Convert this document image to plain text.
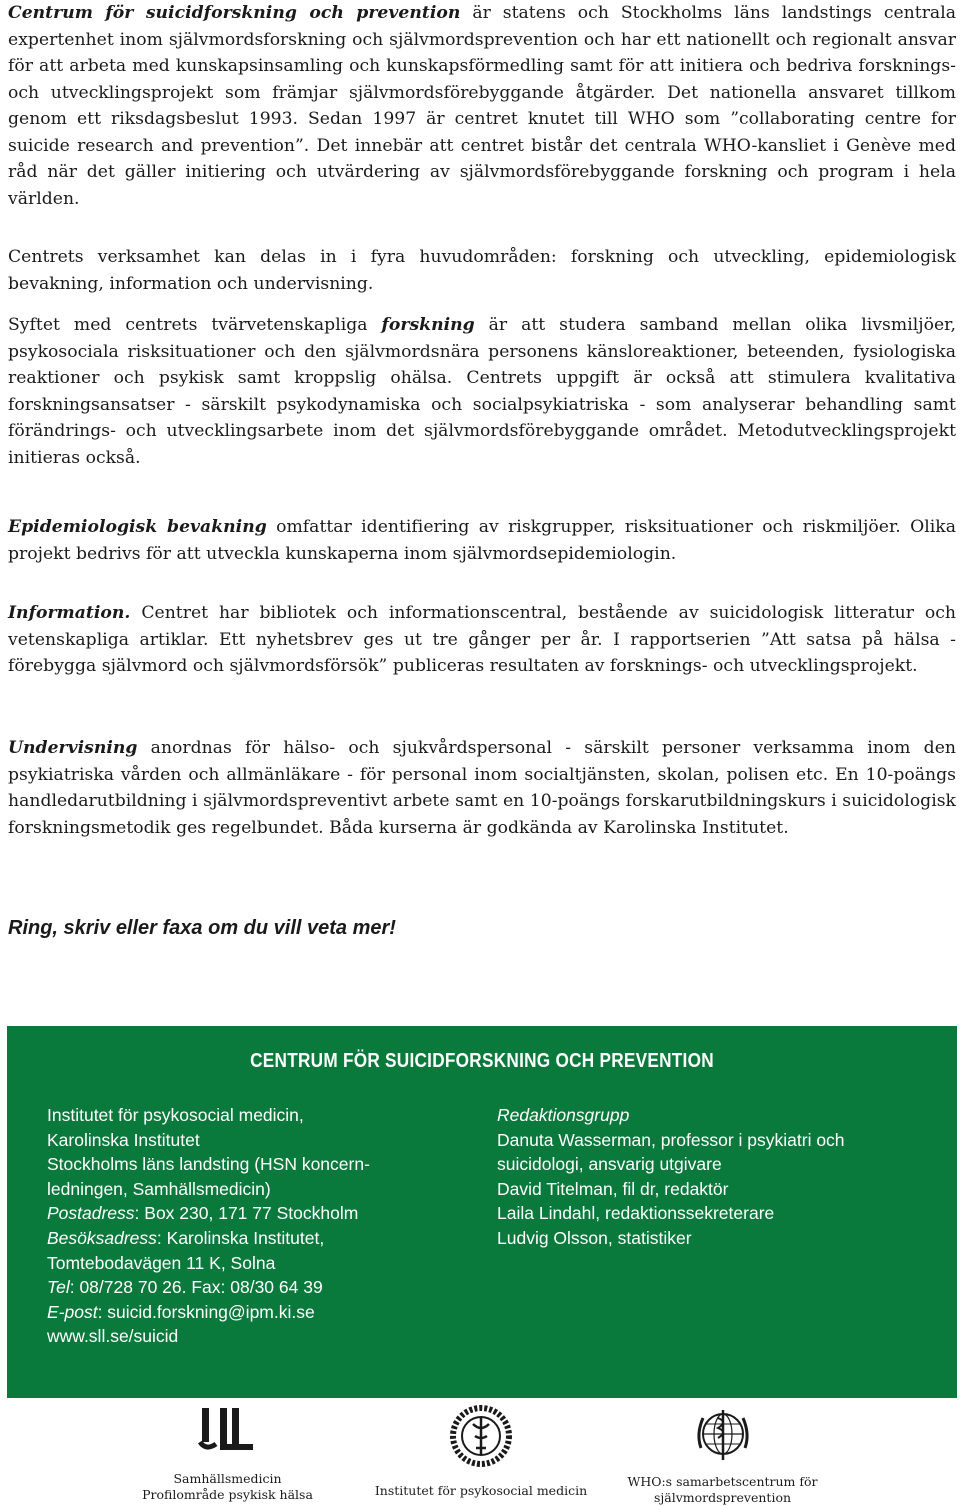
Centrum för suicidforskning och prevention är statens och Stockholms läns landstings centrala expertenhet inom självmordsforskning och självmordsprevention och har ett nationellt och regionalt ansvar för att arbeta med kunskapsinsamling och kunskapsförmedling samt för att initiera och bedriva forsknings- och utvecklingsprojekt som främjar självmordsförebyggande åtgärder. Det nationella ansvaret tillkom genom ett riksdagsbeslut 1993. Sedan 1997 är centret knutet till WHO som ”collaborating centre for suicide research and prevention”. Det innebär att centret bistår det centrala WHO-kansliet i Genève med råd när det gäller initiering och utvärdering av självmordsförebyggande forskning och program i hela världen.

Centrets verksamhet kan delas in i fyra huvudområden: forskning och utveckling, epidemiologisk bevakning, information och undervisning.

Syftet med centrets tvärvetenskapliga forskning är att studera samband mellan olika livsmiljöer, psykosociala risksituationer och den självmordsnära personens känsloreaktioner, beteenden, fysiologiska reaktioner och psykisk samt kroppslig ohälsa. Centrets uppgift är också att stimulera kvalitativa forskningsansatser - särskilt psykodynamiska och socialpsykiatriska - som analyserar behandling samt förändrings- och utvecklingsarbete inom det självmordsförebyggande området. Metodutvecklingsprojekt initieras också.

Epidemiologisk bevakning omfattar identifiering av riskgrupper, risksituationer och riskmiljöer. Olika projekt bedrivs för att utveckla kunskaperna inom självmordsepidemiologin.

Information. Centret har bibliotek och informationscentral, bestående av suicidologisk litteratur och vetenskapliga artiklar. Ett nyhetsbrev ges ut tre gånger per år. I rapportserien ”Att satsa på hälsa - förebygga självmord och självmordsförsök” publiceras resultaten av forsknings- och utvecklingsprojekt.

Undervisning anordnas för hälso- och sjukvårdspersonal - särskilt personer verksamma inom den psykiatriska vården och allmänläkare - för personal inom socialtjänsten, skolan, polisen etc. En 10-poängs handledarutbildning i självmordspreventivt arbete samt en 10-poängs forskarutbildningskurs i suicidologisk forskningsmetodik ges regelbundet. Båda kurserna är godkända av Karolinska Institutet.

Ring, skriv eller faxa om du vill veta mer!
CENTRUM FÖR SUICIDFORSKNING OCH PREVENTION
Institutet för psykosocial medicin,
Karolinska Institutet
Stockholms läns landsting (HSN koncern-
ledningen, Samhällsmedicin)
Postadress: Box 230, 171 77 Stockholm
Besöksadress: Karolinska Institutet,
Tomtebodavägen 11 K, Solna
Tel: 08/728 70 26. Fax: 08/30 64 39
E-post: suicid.forskning@ipm.ki.se
www.sll.se/suicid
Redaktionsgrupp
Danuta Wasserman, professor i psykiatri och
suicidologi, ansvarig utgivare
David Titelman, fil dr, redaktör
Laila Lindahl, redaktionssekreterare
Ludvig Olsson, statistiker
Samhällsmedicin
Profilområde psykisk hälsa	Institutet för psykosocial medicin
WHO:s samarbetscentrum för
självmordsprevention
